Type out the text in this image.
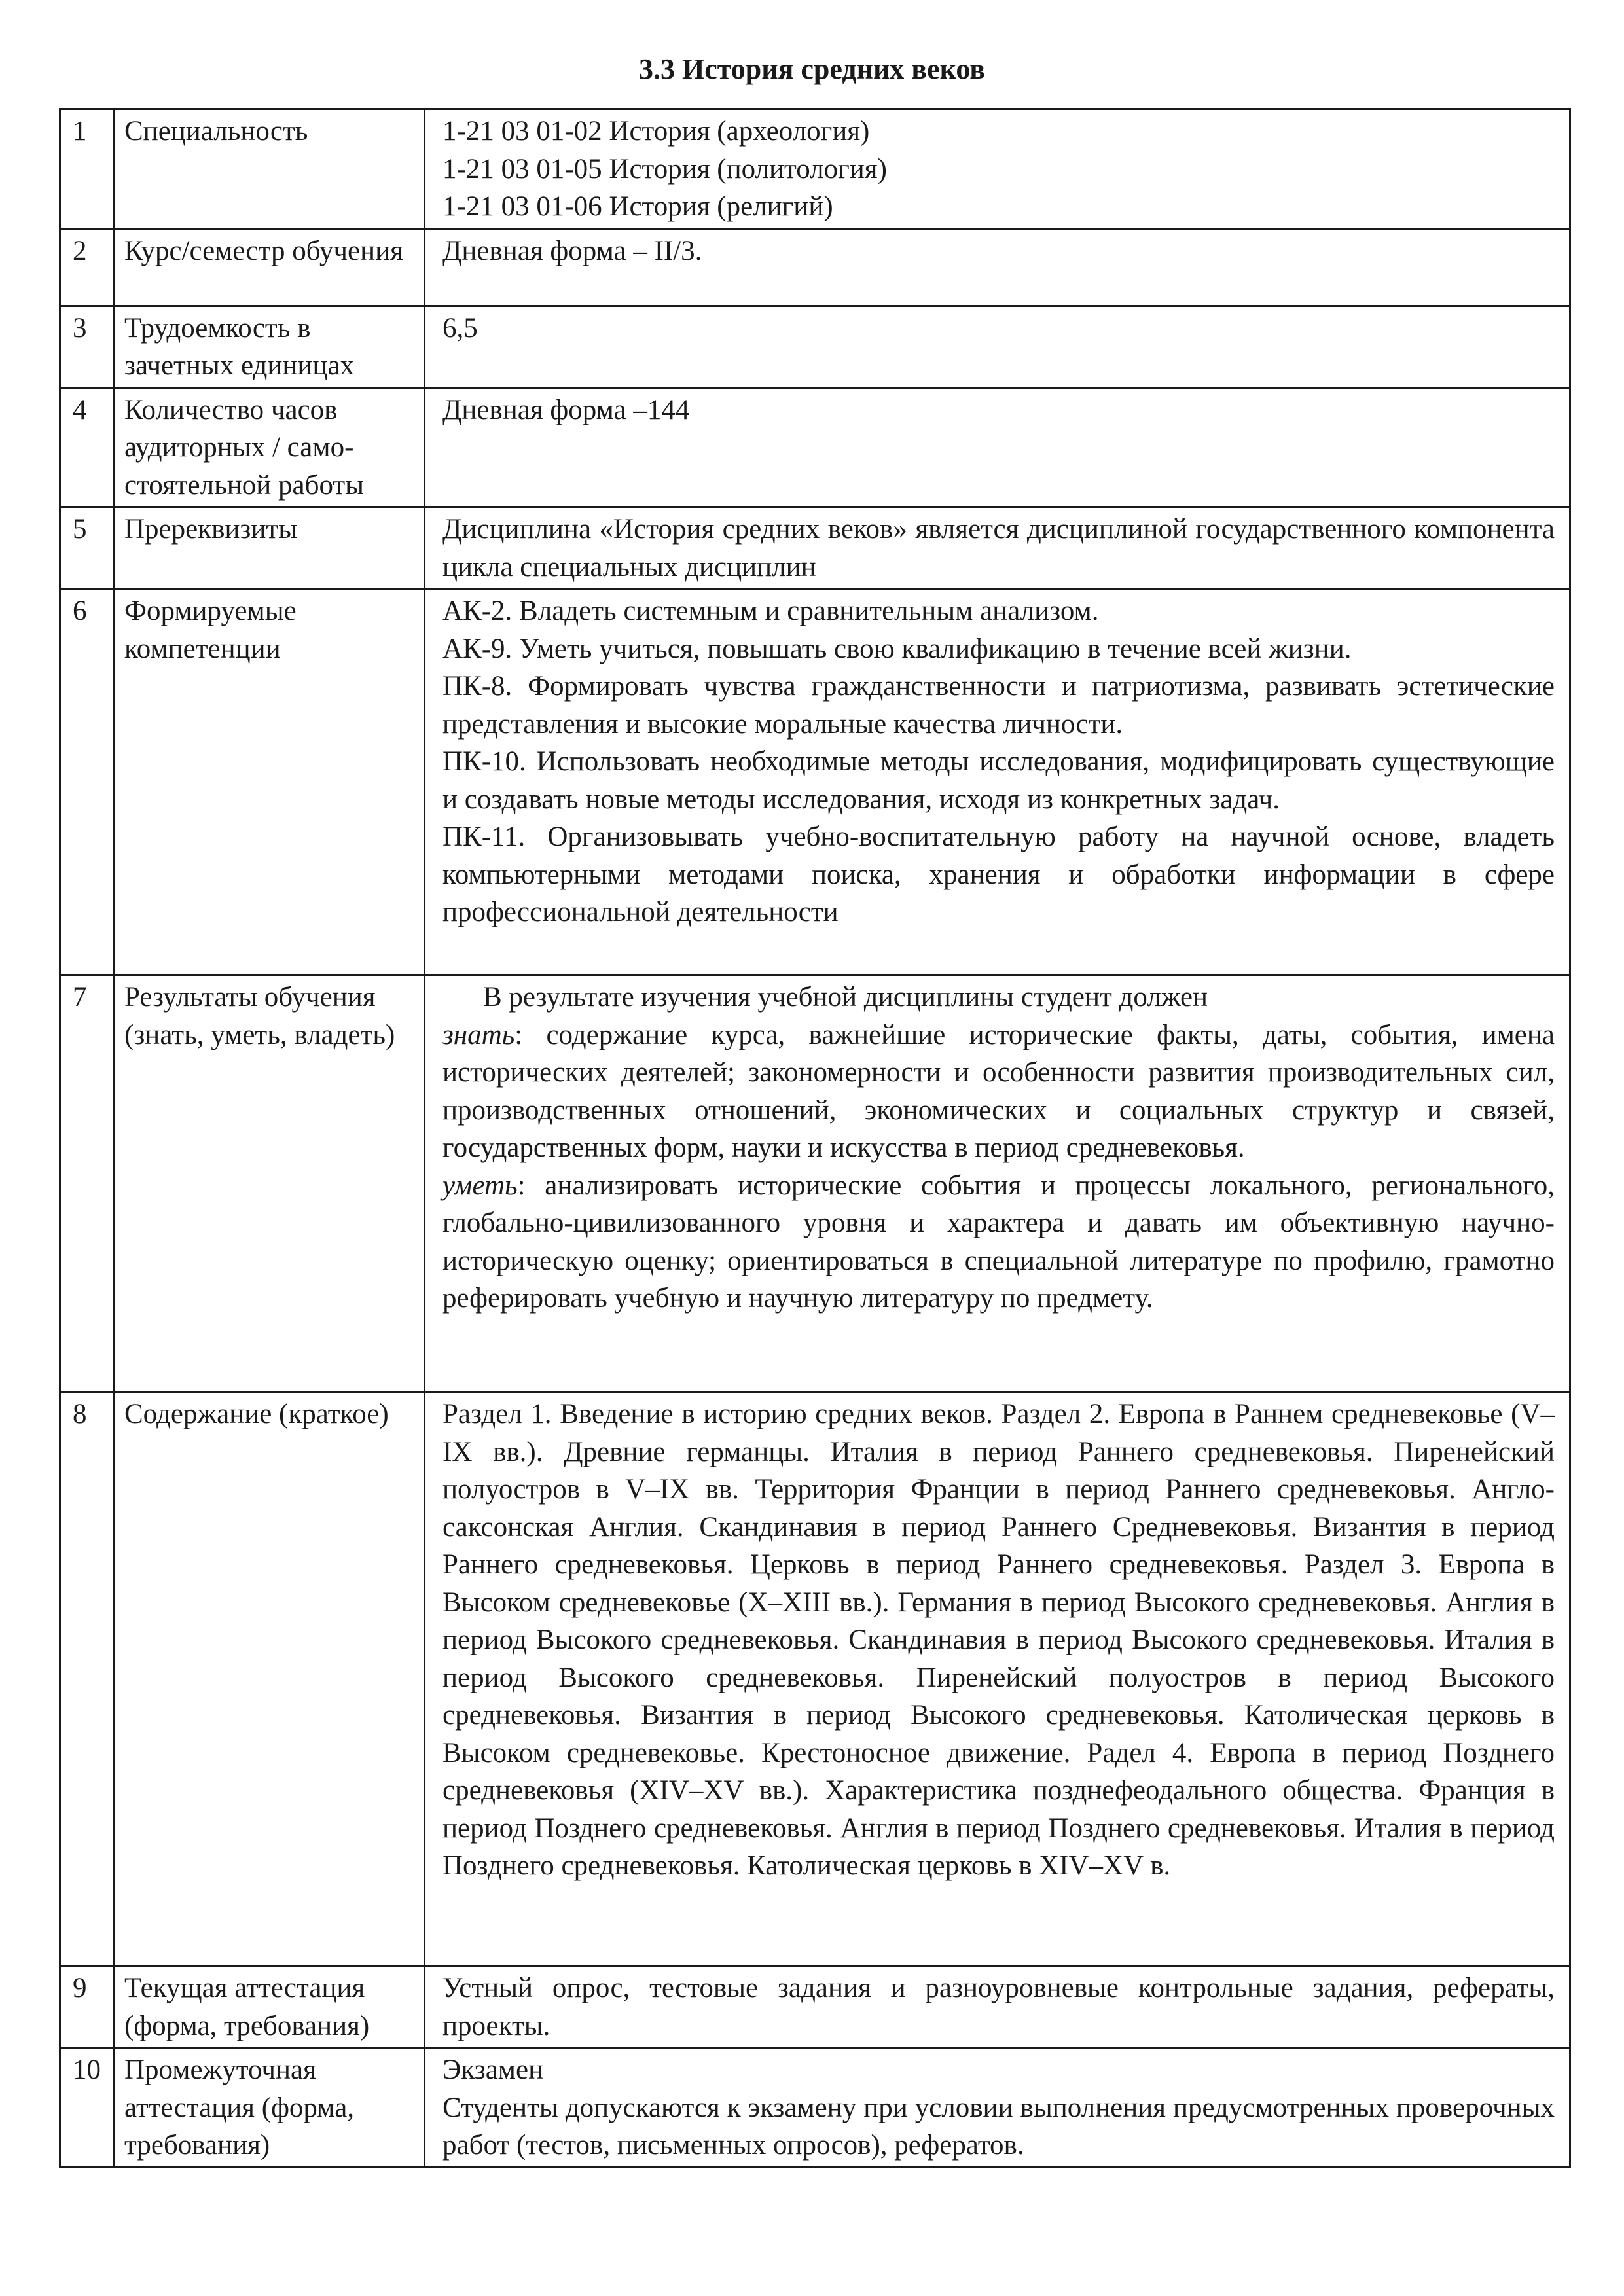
3.3 История средних веков
1	Специальность	1-21 03 01-02 История (археология)
1-21 03 01-05 История (политология)
1-21 03 01-06 История (религий)

2	Курс/семестр обучения	Дневная форма – II/3.
3	Трудоемкость в зачетных единицах	6,5
4	Количество часов аудиторных / само-стоятельной работы	Дневная форма –144
5	Пререквизиты	Дисциплина «История средних веков» является дисциплиной государственного компонента цикла специальных дисциплин
6	Формируемые компетенции	АК-2. Владеть системным и сравнительным анализом.
АК-9. Уметь учиться, повышать свою квалификацию в течение всей жизни.
ПК-8. Формировать чувства гражданственности и патриотизма, развивать эстетические представления и высокие моральные качества личности.
ПК-10. Использовать необходимые методы исследования, модифицировать существующие и создавать новые методы исследования, исходя из конкретных задач.
ПК-11. Организовывать учебно-воспитательную работу на научной основе, владеть компьютерными методами поиска, хранения и обработки информации в сфере профессиональной деятельности

7	Результаты обучения (знать, уметь, владеть)	В результате изучения учебной дисциплины студент должен
знать: содержание курса, важнейшие исторические факты, даты, события, имена исторических деятелей; закономерности и особенности развития производительных сил, производственных отношений, экономических и социальных структур и связей, государственных форм, науки и искусства в период средневековья.
уметь: анализировать исторические события и процессы локального, регионального, глобально-цивилизованного уровня и характера и давать им объективную научно-историческую оценку; ориентироваться в специальной литературе по профилю, грамотно реферировать учебную и научную литературу по предмету.

8	Содержание (краткое)	Раздел 1. Введение в историю средних веков. Раздел 2. Европа в Раннем средневековье (V–IX вв.). Древние германцы. Италия в период Раннего средневековья. Пиренейский полуостров в V–IX вв. Территория Франции в период Раннего средневековья. Англо-саксонская Англия. Скандинавия в период Раннего Средневековья. Византия в период Раннего средневековья. Церковь в период Раннего средневековья. Раздел 3. Европа в Высоком средневековье (X–XIII вв.). Германия в период Высокого средневековья. Англия в период Высокого средневековья. Скандинавия в период Высокого средневековья. Италия в период Высокого средневековья. Пиренейский полуостров в период Высокого средневековья. Византия в период Высокого средневековья. Католическая церковь в Высоком средневековье. Крестоносное движение. Радел 4. Европа в период Позднего средневековья (XIV–XV вв.). Характеристика позднефеодального общества. Франция в период Позднего средневековья. Англия в период Позднего средневековья. Италия в период Позднего средневековья. Католическая церковь в XIV–XV в.
9	Текущая аттестация (форма, требования)	Устный опрос, тестовые задания и разноуровневые контрольные задания, рефераты, проекты.
10	Промежуточная аттестация (форма, требования)	Экзамен
Студенты допускаются к экзамену при условии выполнения предусмотренных проверочных работ (тестов, письменных опросов), рефератов.
